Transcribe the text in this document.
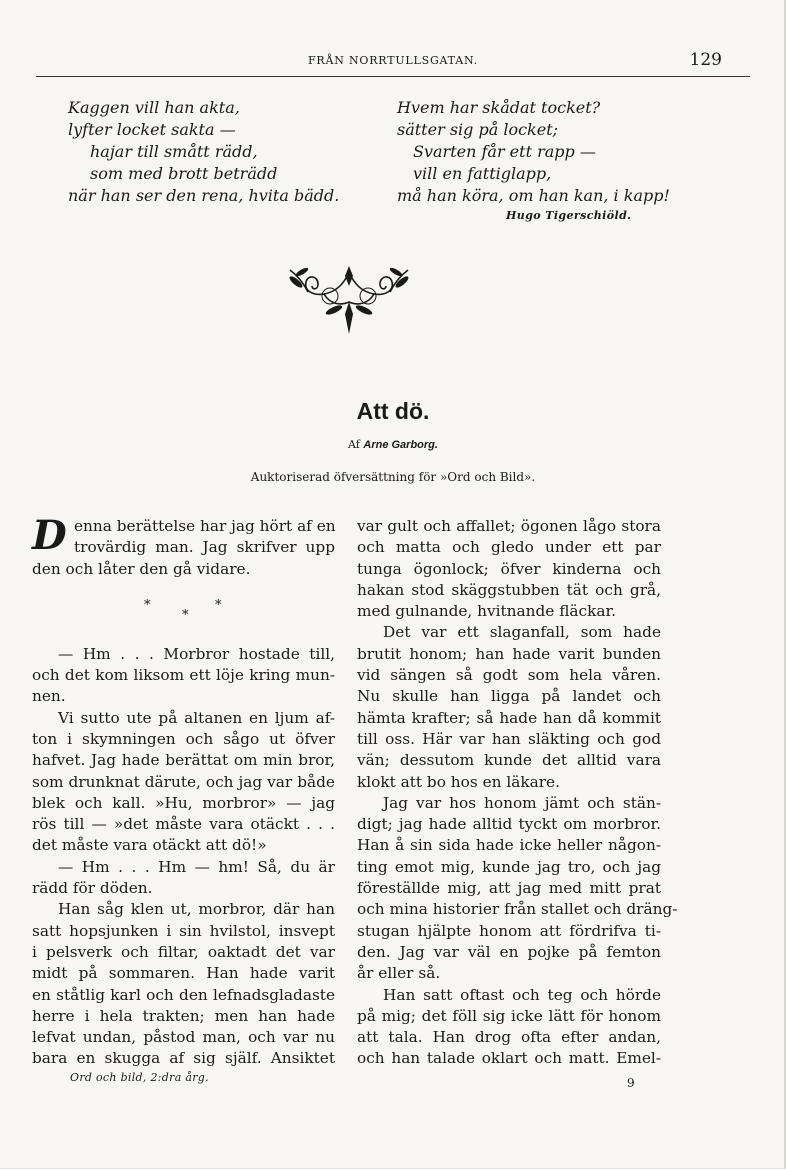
FRÅN NORRTULLSGATAN.	129
Kaggen vill han akta,
lyfter locket sakta —
hajar till smått rädd,
som med brott beträdd
när han ser den rena, hvita bädd.
Hvem har skådat tocket?
sätter sig på locket;
Svarten får ett rapp —
vill en fattiglapp,
må han köra, om han kan, i kapp!
Hugo Tigerschiöld.
Att dö.
Af Arne Garborg.
Auktoriserad öfversättning för »Ord och Bild».
D enna berättelse har jag hört af en
trovärdig man. Jag skrifver upp
den och låter den gå vidare.
— Hm . . . Morbror hostade till,
och det kom liksom ett löje kring mun-
nen.
Vi sutto ute på altanen en ljum af-
ton i skymningen och sågo ut öfver
hafvet. Jag hade berättat om min bror,
som drunknat därute, och jag var både
blek och kall. »Hu, morbror» — jag
rös till — »det måste vara otäckt . . .
det måste vara otäckt att dö!»
— Hm . . . Hm — hm! Så, du är
rädd för döden.
Han såg klen ut, morbror, där han
satt hopsjunken i sin hvilstol, insvept
i pelsverk och filtar, oaktadt det var
midt på sommaren. Han hade varit
en ståtlig karl och den lefnadsgladaste
herre i hela trakten; men han hade
lefvat undan, påstod man, och var nu
bara en skugga af sig själf. Ansiktet
*
*
*
var gult och affallet; ögonen lågo stora
och matta och gledo under ett par
tunga ögonlock; öfver kinderna och
hakan stod skäggstubben tät och grå,
med gulnande, hvitnande fläckar.
Det var ett slaganfall, som hade
brutit honom; han hade varit bunden
vid sängen så godt som hela våren.
Nu skulle han ligga på landet och
hämta krafter; så hade han då kommit
till oss. Här var han släkting och god
vän; dessutom kunde det alltid vara
klokt att bo hos en läkare.
Jag var hos honom jämt och stän-
digt; jag hade alltid tyckt om morbror.
Han å sin sida hade icke heller någon-
ting emot mig, kunde jag tro, och jag
föreställde mig, att jag med mitt prat
och mina historier från stallet och dräng-
stugan hjälpte honom att fördrifva ti-
den. Jag var väl en pojke på femton
år eller så.
Han satt oftast och teg och hörde
på mig; det föll sig icke lätt för honom
att tala. Han drog ofta efter andan,
och han talade oklart och matt. Emel-
Ord och bild, 2:dra årg.	9
